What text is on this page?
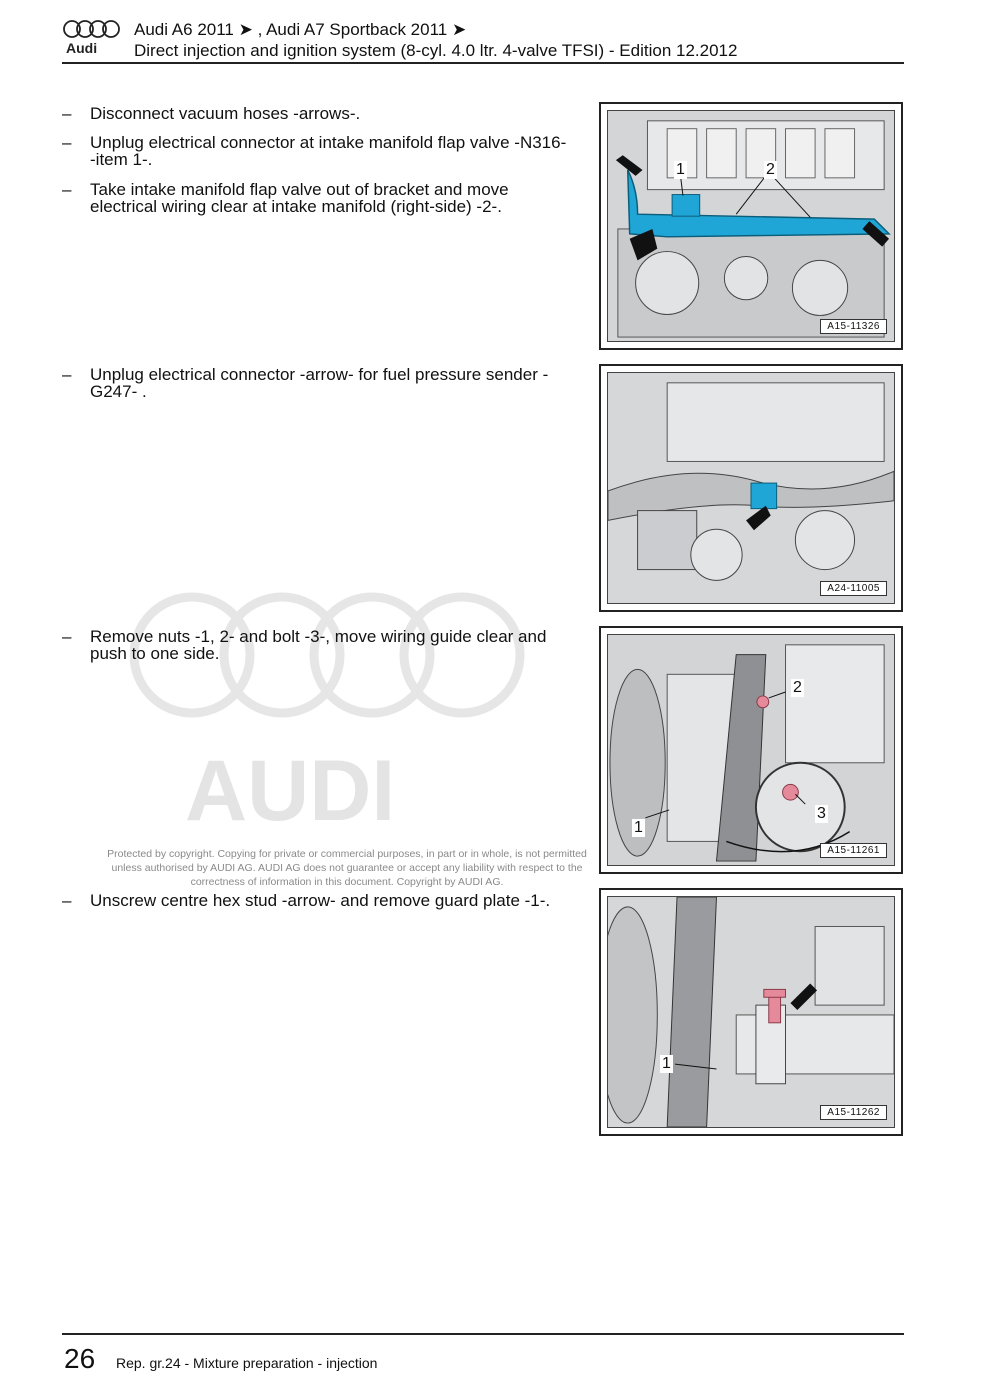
Audi
Audi A6 2011 ➤ , Audi A7 Sportback 2011 ➤
Direct injection and ignition system (8-cyl. 4.0 ltr. 4-valve TFSI) - Edition 12.2012
AUDI
– Disconnect vacuum hoses -arrows-.
– Unplug electrical connector at intake manifold flap valve -N316- -item 1-.
– Take intake manifold flap valve out of bracket and move electrical wiring clear at intake manifold (right-side) -2-.
– Unplug electrical connector -arrow- for fuel pressure sender -G247- .
– Remove nuts -1, 2- and bolt -3-, move wiring guide clear and push to one side.
– Unscrew centre hex stud -arrow- and remove guard plate -1-.
Protected by copyright. Copying for private or commercial purposes, in part or in whole, is not permitted unless authorised by AUDI AG. AUDI AG does not guarantee or accept any liability with respect to the correctness of information in this document. Copyright by AUDI AG.
1	2
A15-11326
A24-11005
2
3
1
A15-11261
1
A15-11262
26 Rep. gr.24 - Mixture preparation - injection
